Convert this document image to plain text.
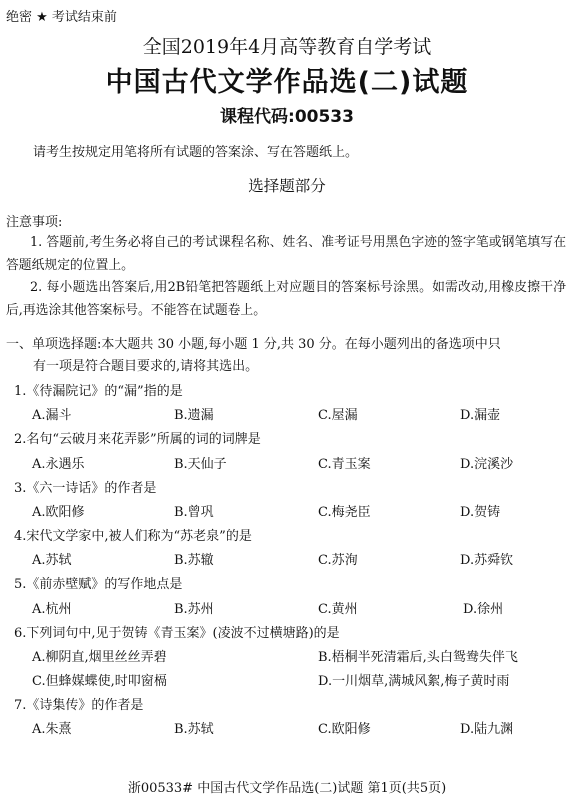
绝密 ★ 考试结束前
全国2019年4月高等教育自学考试
中国古代文学作品选(二)试题
课程代码:00533
请考生按规定用笔将所有试题的答案涂、写在答题纸上。
选择题部分
注意事项:
1. 答题前,考生务必将自己的考试课程名称、姓名、准考证号用黑色字迹的签字笔或钢笔填写在答题纸规定的位置上。
2. 每小题选出答案后,用2B铅笔把答题纸上对应题目的答案标号涂黑。如需改动,用橡皮擦干净后,再选涂其他答案标号。不能答在试题卷上。
一、单项选择题:本大题共 30 小题,每小题 1 分,共 30 分。在每小题列出的备选项中只
有一项是符合题目要求的,请将其选出。
1.《待漏院记》的“漏”指的是
A.漏斗	B.遗漏	C.屋漏	D.漏壶
2.名句“云破月来花弄影”所属的词的词牌是
A.永遇乐	B.天仙子	C.青玉案	D.浣溪沙
3.《六一诗话》的作者是
A.欧阳修	B.曾巩	C.梅尧臣	D.贺铸
4.宋代文学家中,被人们称为“苏老泉”的是
A.苏轼	B.苏辙	C.苏洵	D.苏舜钦
5.《前赤壁赋》的写作地点是
A.杭州	B.苏州	C.黄州	D.徐州
6.下列词句中,见于贺铸《青玉案》(凌波不过横塘路)的是
A.柳阴直,烟里丝丝弄碧	B.梧桐半死清霜后,头白鸳鸯失伴飞
C.但蜂媒蝶使,时叩窗槅	D.一川烟草,满城风絮,梅子黄时雨
7.《诗集传》的作者是
A.朱熹	B.苏轼	C.欧阳修	D.陆九渊
浙00533# 中国古代文学作品选(二)试题 第1页(共5页)
